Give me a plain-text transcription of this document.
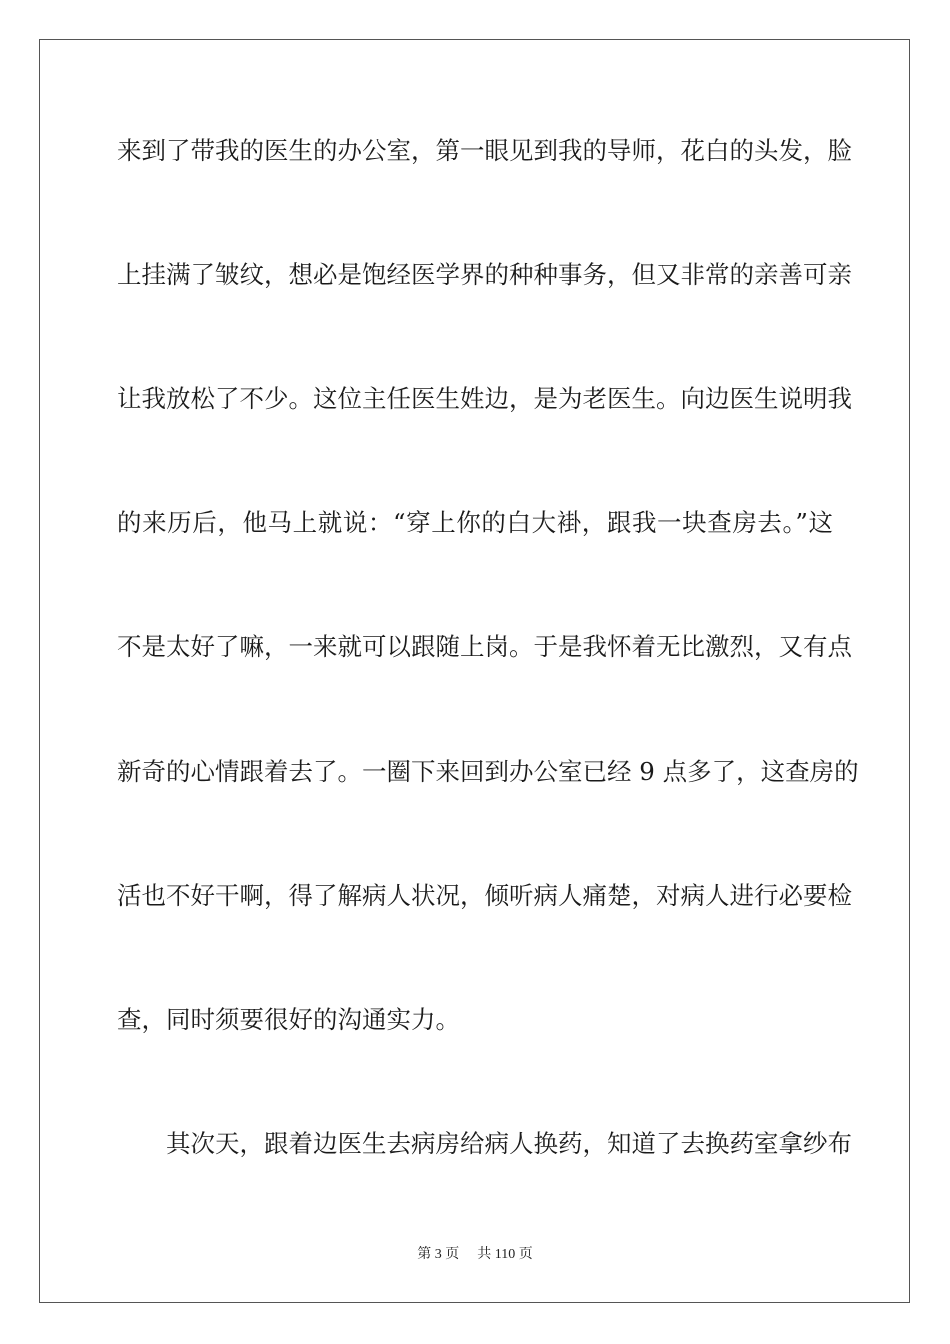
来到了带我的医生的办公室，第一眼见到我的导师，花白的头发，脸
上挂满了皱纹，想必是饱经医学界的种种事务，但又非常的亲善可亲
让我放松了不少。这位主任医生姓边，是为老医生。向边医生说明我
的来历后，他马上就说：“穿上你的白大褂，跟我一块查房去。”这
不是太好了嘛，一来就可以跟随上岗。于是我怀着无比激烈，又有点
新奇的心情跟着去了。一圈下来回到办公室已经 9 点多了，这查房的
活也不好干啊，得了解病人状况，倾听病人痛楚，对病人进行必要检
查，同时须要很好的沟通实力。
其次天，跟着边医生去病房给病人换药，知道了去换药室拿纱布
第 3 页 共 110 页
